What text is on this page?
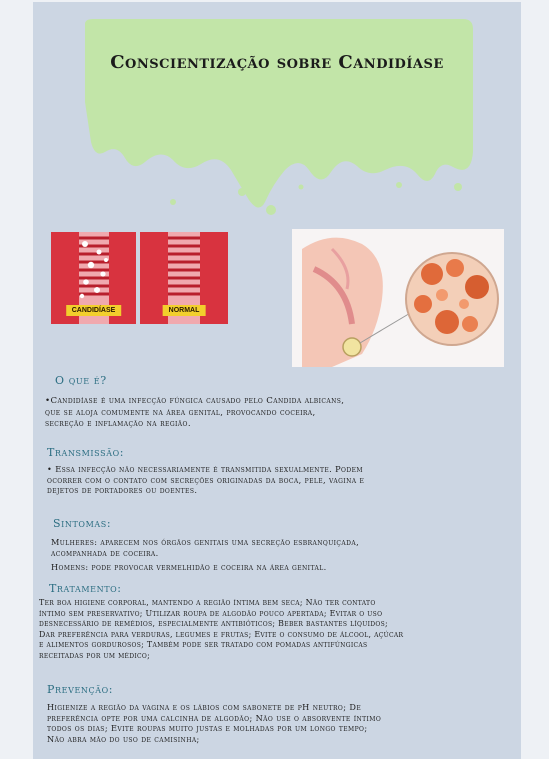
Conscientização sobre Candidíase
CANDIDÍASE	NORMAL
O que é?
•Candidíase é uma infecção fúngica causado pelo Candida albicans,
que se aloja comumente na área genital, provocando coceira,
secreção e inflamação na região.
Transmissão:
• Essa infecção não necessariamente é transmitida sexualmente. Podem
ocorrer com o contato com secreções originadas da boca, pele, vagina e
dejetos de portadores ou doentes.
Sintomas:
Mulheres: aparecem nos órgãos genitais uma secreção esbranquiçada,
acompanhada de coceira.
Homens: pode provocar vermelhidão e coceira na área genital.
Tratamento:
Ter boa higiene corporal, mantendo a região íntima bem seca; Não ter contato
íntimo sem preservativo; Utilizar roupa de algodão pouco apertada; Evitar o uso
desnecessário de remédios, especialmente antibióticos; Beber bastantes líquidos;
Dar preferência para verduras, legumes e frutas; Evite o consumo de álcool, açúcar
e alimentos gordurosos; Também pode ser tratado com pomadas antifúngicas
receitadas por um médico;
Prevenção:
Higienize a região da vagina e os lábios com sabonete de pH neutro; De
preferência opte por uma calcinha de algodão; Não use o absorvente íntimo
todos os dias; Evite roupas muito justas e molhadas por um longo tempo;
Não abra mão do uso de camisinha;
